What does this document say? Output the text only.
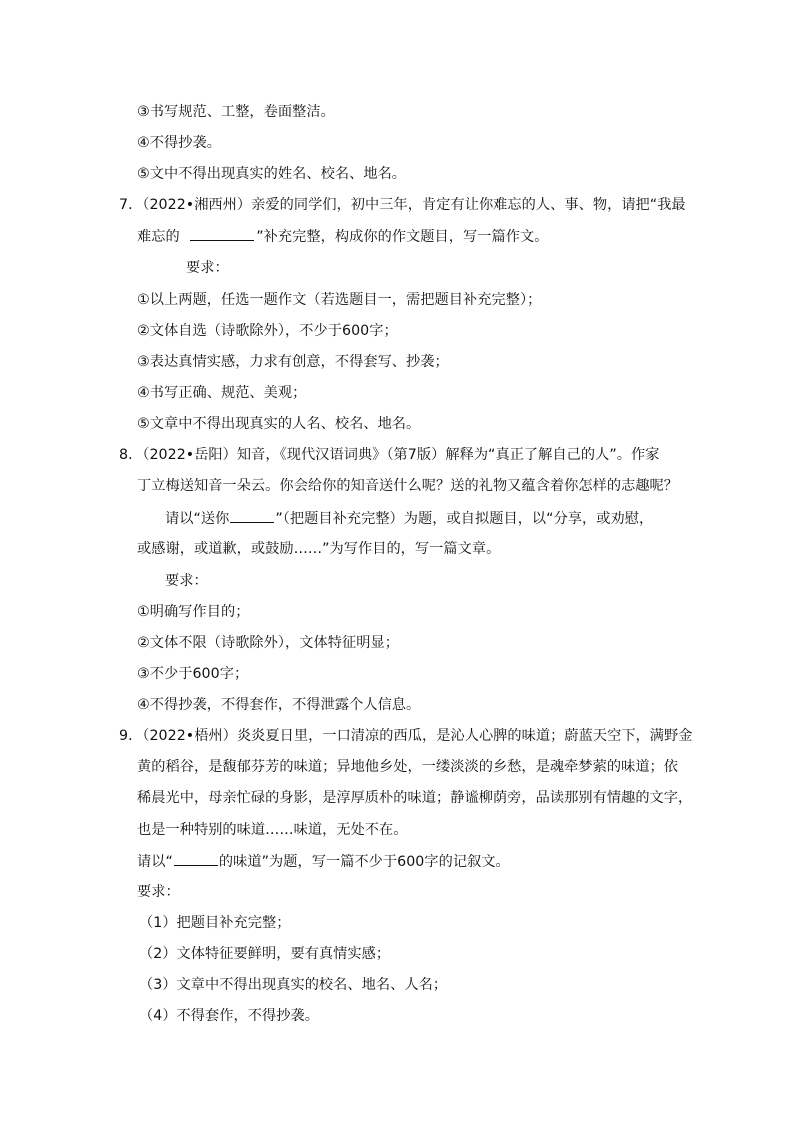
③书写规范、工整，卷面整洁。
④不得抄袭。
⑤文中不得出现真实的姓名、校名、地名。
7．（2022•湘西州）亲爱的同学们，初中三年，肯定有让你难忘的人、事、物，请把“我最
难忘的	”补充完整，构成你的作文题目，写一篇作文。
要求：
①以上两题，任选一题作文（若选题目一，需把题目补充完整）；
②文体自选（诗歌除外），不少于600字；
③表达真情实感，力求有创意，不得套写、抄袭；
④书写正确、规范、美观；
⑤文章中不得出现真实的人名、校名、地名。
8．（2022•岳阳）知音，《现代汉语词典》（第7版）解释为“真正了解自己的人”。作家
丁立梅送知音一朵云。你会给你的知音送什么呢？送的礼物又蕴含着你怎样的志趣呢？
请以“送你	”（把题目补充完整）为题，或自拟题目，以“分享，或劝慰，
或感谢，或道歉，或鼓励……”为写作目的，写一篇文章。
要求：
①明确写作目的；
②文体不限（诗歌除外），文体特征明显；
③不少于600字；
④不得抄袭，不得套作，不得泄露个人信息。
9．（2022•梧州）炎炎夏日里，一口清凉的西瓜，是沁人心脾的味道；蔚蓝天空下，满野金
黄的稻谷，是馥郁芬芳的味道；异地他乡处，一缕淡淡的乡愁，是魂牵梦萦的味道；依
稀晨光中，母亲忙碌的身影，是淳厚质朴的味道；静谧柳荫旁，品读那别有情趣的文字，
也是一种特别的味道……味道，无处不在。
请以“	的味道”为题，写一篇不少于600字的记叙文。
要求：
（1）把题目补充完整；
（2）文体特征要鲜明，要有真情实感；
（3）文章中不得出现真实的校名、地名、人名；
（4）不得套作，不得抄袭。
